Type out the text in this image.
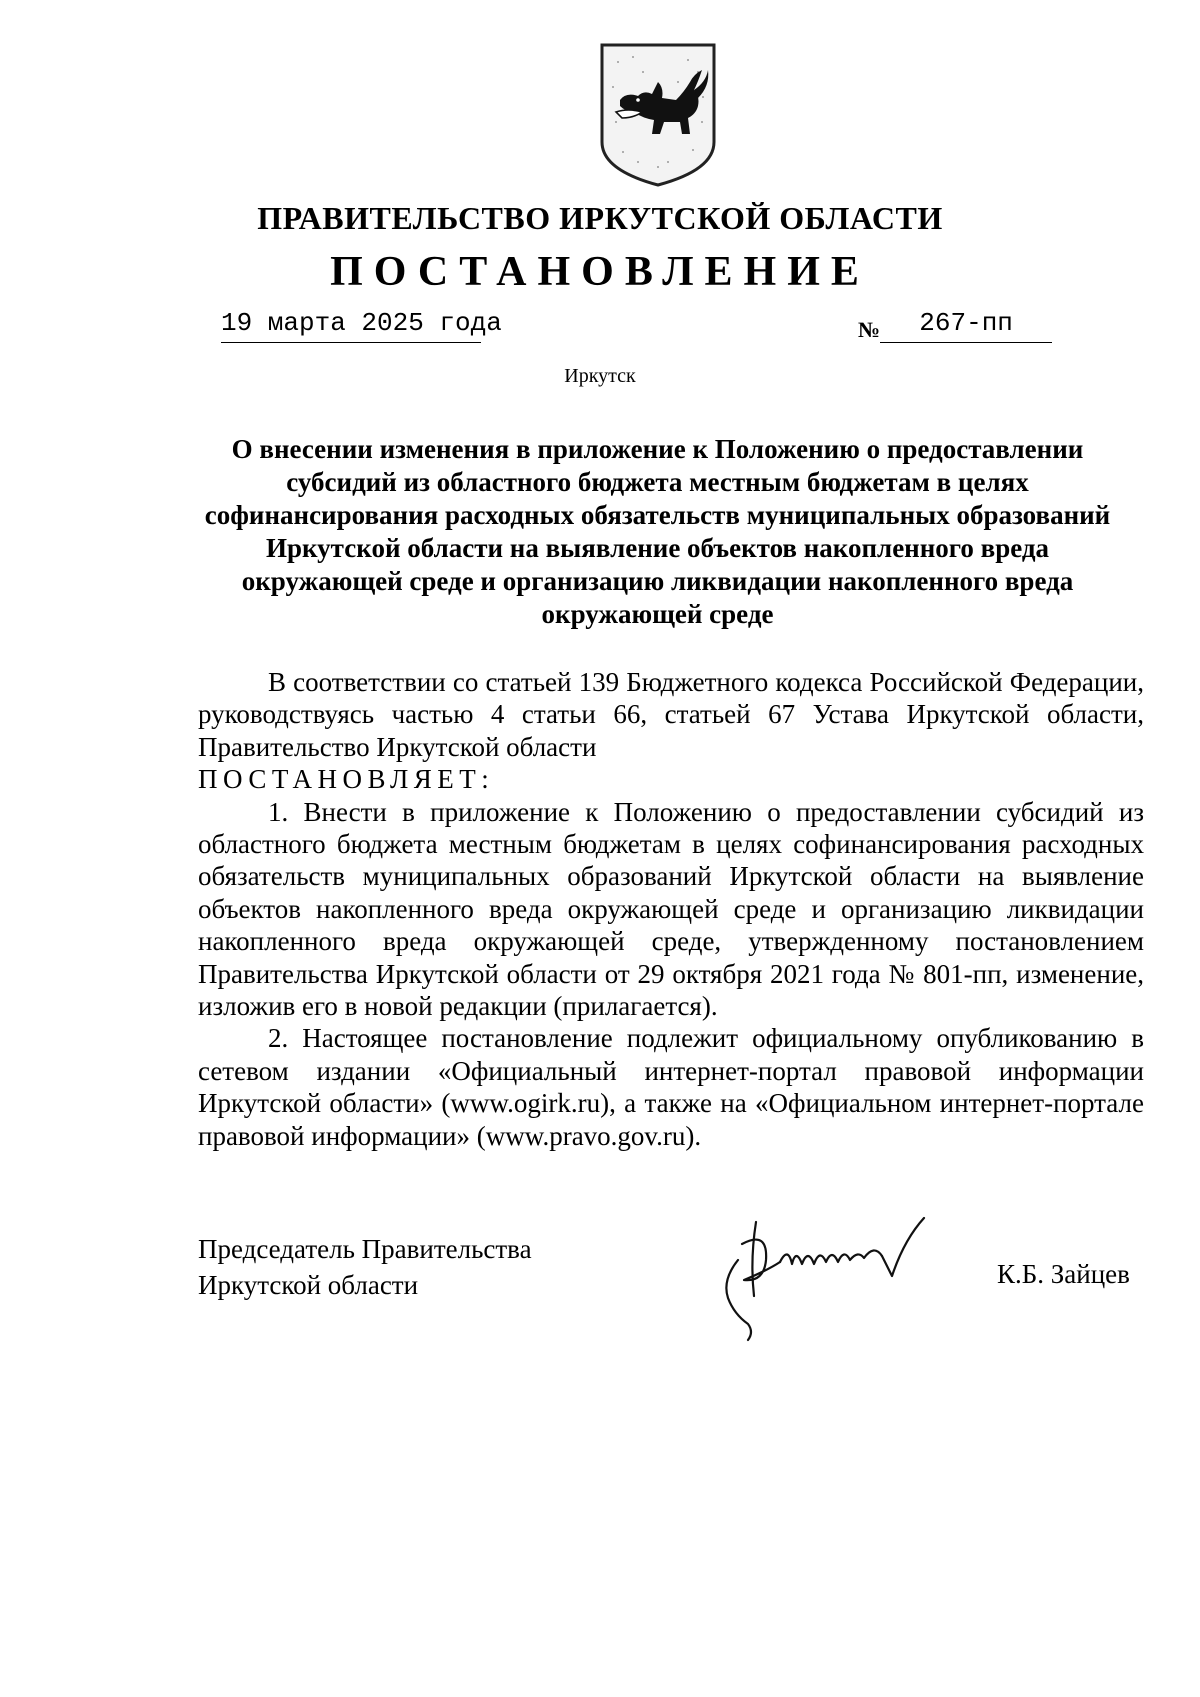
ПРАВИТЕЛЬСТВО ИРКУТСКОЙ ОБЛАСТИ
ПОСТАНОВЛЕНИЕ
19 марта 2025 года	№ 267-пп
Иркутск
О внесении изменения в приложение к Положению о предоставлении субсидий из областного бюджета местным бюджетам в целях софинансирования расходных обязательств муниципальных образований Иркутской области на выявление объектов накопленного вреда окружающей среде и организацию ликвидации накопленного вреда окружающей среде

В соответствии со статьей 139 Бюджетного кодекса Российской Федерации, руководствуясь частью 4 статьи 66, статьей 67 Устава Иркутской области, Правительство Иркутской области

ПОСТАНОВЛЯЕТ:

1. Внести в приложение к Положению о предоставлении субсидий из областного бюджета местным бюджетам в целях софинансирования расходных обязательств муниципальных образований Иркутской области на выявление объектов накопленного вреда окружающей среде и организацию ликвидации накопленного вреда окружающей среде, утвержденному постановлением Правительства Иркутской области от 29 октября 2021 года № 801-пп, изменение, изложив его в новой редакции (прилагается).

2. Настоящее постановление подлежит официальному опубликованию в сетевом издании «Официальный интернет-портал правовой информации Иркутской области» (www.ogirk.ru), а также на «Официальном интернет-портале правовой информации» (www.pravo.gov.ru).

Председатель Правительства
Иркутской области	К.Б. Зайцев
